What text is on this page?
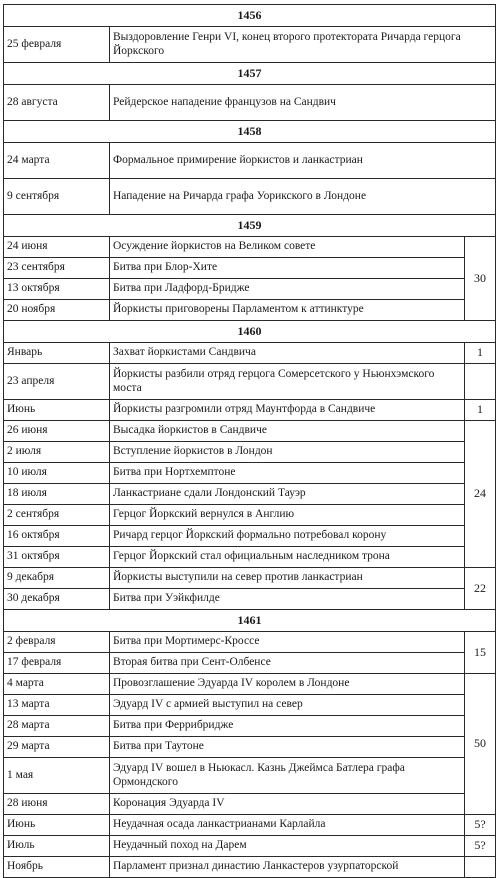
1456		
25 февраля	Выздоровление Генри VI, конец второго протектората Ричарда герцога Йоркского	
1457		
28 августа	Рейдерское нападение французов на Сандвич	
1458		
24 марта	Формальное примирение йоркистов и ланкастриан	
9 сентября	Нападение на Ричарда графа Уорикского в Лондоне	
1459		
24 июня	Осуждение йоркистов на Великом совете	30
23 сентября	Битва при Блор-Хите	
13 октября	Битва при Ладфорд-Бридже	
20 ноября	Йоркисты приговорены Парламентом к аттинктуре	
1460		
Январь	Захват йоркистами Сандвича	1
23 апреля	Йоркисты разбили отряд герцога Сомерсетского у Ньюнхэмского моста	
Июнь	Йоркисты разгромили отряд Маунтфорда в Сандвиче	1
26 июня	Высадка йоркистов в Сандвиче	24
2 июля	Вступление йоркистов в Лондон	
10 июля	Битва при Нортхемптоне	
18 июля	Ланкастриане сдали Лондонский Тауэр	
2 сентября	Герцог Йоркский вернулся в Англию	
16 октября	Ричард герцог Йоркский формально потребовал корону	
31 октября	Герцог Йоркский стал официальным наследником трона	
9 декабря	Йоркисты выступили на север против ланкастриан	22
30 декабря	Битва при Уэйкфилде	
1461		
2 февраля	Битва при Мортимерс-Кроссе	15
17 февраля	Вторая битва при Сент-Олбенсе	
4 марта	Провозглашение Эдуарда IV королем в Лондоне	50
13 марта	Эдуард IV с армией выступил на север	
28 марта	Битва при Феррибридже	
29 марта	Битва при Таутоне	
1 мая	Эдуард IV вошел в Ньюкасл. Казнь Джеймса Батлера графа Ормондского	
28 июня	Коронация Эдуарда IV	
Июнь	Неудачная осада ланкастрианами Карлайла	5?
Июль	Неудачный поход на Дарем	5?
Ноябрь	Парламент признал династию Ланкастеров узурпаторской	
